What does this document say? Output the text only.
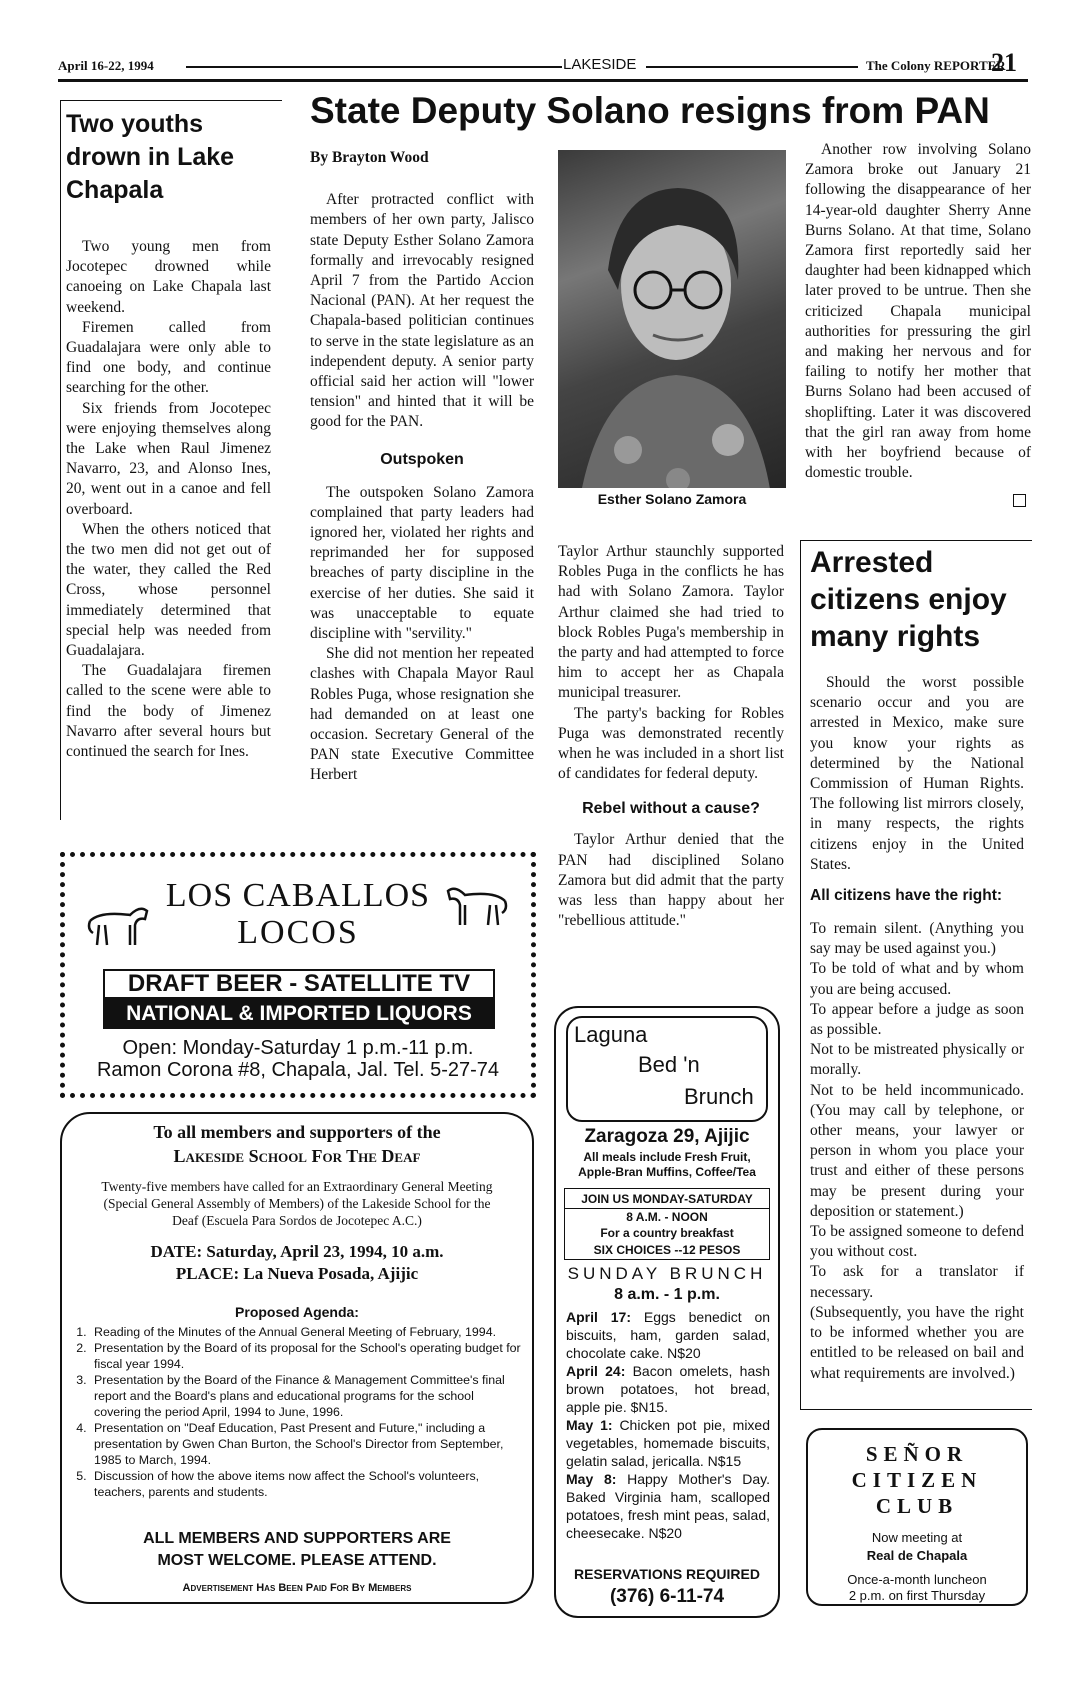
April 16-22, 1994	LAKESIDE	The Colony REPORTER
21
Two youths drown in Lake Chapala

Two young men from Jocotepec drowned while canoeing on Lake Chapala last weekend.

Firemen called from Guadalajara were only able to find one body, and continue searching for the other.

Six friends from Jocotepec were enjoying themselves along the Lake when Raul Jimenez Navarro, 23, and Alonso Ines, 20, went out in a canoe and fell overboard.

When the others noticed that the two men did not get out of the water, they called the Red Cross, whose personnel immediately determined that special help was needed from Guadalajara.

The Guadalajara firemen called to the scene were able to find the body of Jimenez Navarro after several hours but continued the search for Ines.

State Deputy Solano resigns from PAN

By Brayton Wood

After protracted conflict with members of her own party, Jalisco state Deputy Esther Solano Zamora formally and irrevocably resigned April 7 from the Partido Accion Nacional (PAN). At her request the Chapala-based politician continues to serve in the state legislature as an independent deputy. A senior party official said her action will "lower tension" and hinted that it will be good for the PAN.

Outspoken

The outspoken Solano Zamora complained that party leaders had ignored her, violated her rights and reprimanded her for supposed breaches of party discipline in the exercise of her duties. She said it was unacceptable to equate discipline with "servility."

She did not mention her repeated clashes with Chapala Mayor Raul Robles Puga, whose resignation she had demanded on at least one occasion. Secretary General of the PAN state Executive Committee Herbert

Esther Solano Zamora

Taylor Arthur staunchly supported Robles Puga in the conflicts he has had with Solano Zamora. Taylor Arthur claimed she had tried to block Robles Puga's membership in the party and had attempted to force him to accept her as Chapala municipal treasurer.

The party's backing for Robles Puga was demonstrated recently when he was included in a short list of candidates for federal deputy.

Rebel without a cause?

Taylor Arthur denied that the PAN had disciplined Solano Zamora but did admit that the party was less than happy about her "rebellious attitude."

Another row involving Solano Zamora broke out January 21 following the disappearance of her 14-year-old daughter Sherry Anne Burns Solano. At that time, Solano Zamora first reportedly said her daughter had been kidnapped which later proved to be untrue. Then she criticized Chapala municipal authorities for pressuring the girl and making her nervous and for failing to notify her mother that Burns Solano had been accused of shoplifting. Later it was discovered that the girl ran away from home with her boyfriend because of domestic trouble.

Arrested citizens enjoy many rights

Should the worst possible scenario occur and you are arrested in Mexico, make sure you know your rights as determined by the National Commission of Human Rights. The following list mirrors closely, in many respects, the rights citizens enjoy in the United States.

All citizens have the right:

To remain silent. (Anything you say may be used against you.)

To be told of what and by whom you are being accused.

To appear before a judge as soon as possible.

Not to be mistreated physically or morally.

Not to be held incommunicado. (You may call by telephone, or other means, your lawyer or person in whom you place your trust and either of these persons may be present during your deposition or statement.)

To be assigned someone to defend you without cost.

To ask for a translator if necessary.

(Subsequently, you have the right to be informed whether you are entitled to be released on bail and what requirements are involved.)

LOS CABALLOS
LOCOS
DRAFT BEER - SATELLITE TV
NATIONAL & IMPORTED LIQUORS
Open: Monday-Saturday 1 p.m.-11 p.m.
Ramon Corona #8, Chapala, Jal. Tel. 5-27-74
To all members and supporters of the
Lakeside School For The Deaf
Twenty-five members have called for an Extraordinary General Meeting (Special General Assembly of Members) of the Lakeside School for the Deaf (Escuela Para Sordos de Jocotepec A.C.)
DATE: Saturday, April 23, 1994, 10 a.m.
PLACE: La Nueva Posada, Ajijic
Proposed Agenda:
1. Reading of the Minutes of the Annual General Meeting of February, 1994.
2. Presentation by the Board of its proposal for the School's operating budget for fiscal year 1994.
3. Presentation by the Board of the Finance & Management Committee's final report and the Board's plans and educational programs for the school covering the period April, 1994 to June, 1996.
4. Presentation on "Deaf Education, Past Present and Future," including a presentation by Gwen Chan Burton, the School's Director from September, 1985 to March, 1994.
5. Discussion of how the above items now affect the School's volunteers, teachers, parents and students.
ALL MEMBERS AND SUPPORTERS ARE
MOST WELCOME. PLEASE ATTEND.
Advertisement Has Been Paid For By Members
Laguna
Bed 'n
Brunch
Zaragoza 29, Ajijic
All meals include Fresh Fruit, Apple-Bran Muffins, Coffee/Tea
JOIN US MONDAY-SATURDAY
8 A.M. - NOON
For a country breakfast
SIX CHOICES --12 PESOS
SUNDAY BRUNCH
8 a.m. - 1 p.m.

April 17: Eggs benedict on biscuits, ham, garden salad, chocolate cake. N$20

April 24: Bacon omelets, hash brown potatoes, hot bread, apple pie. $N15.

May 1: Chicken pot pie, mixed vegetables, homemade biscuits, gelatin salad, jericalla. N$15

May 8: Happy Mother's Day. Baked Virginia ham, scalloped potatoes, fresh mint peas, salad, cheesecake. N$20

RESERVATIONS REQUIRED
(376) 6-11-74
SEÑOR
CITIZEN
CLUB
Now meeting at
Real de Chapala
Once-a-month luncheon
2 p.m. on first Thursday
